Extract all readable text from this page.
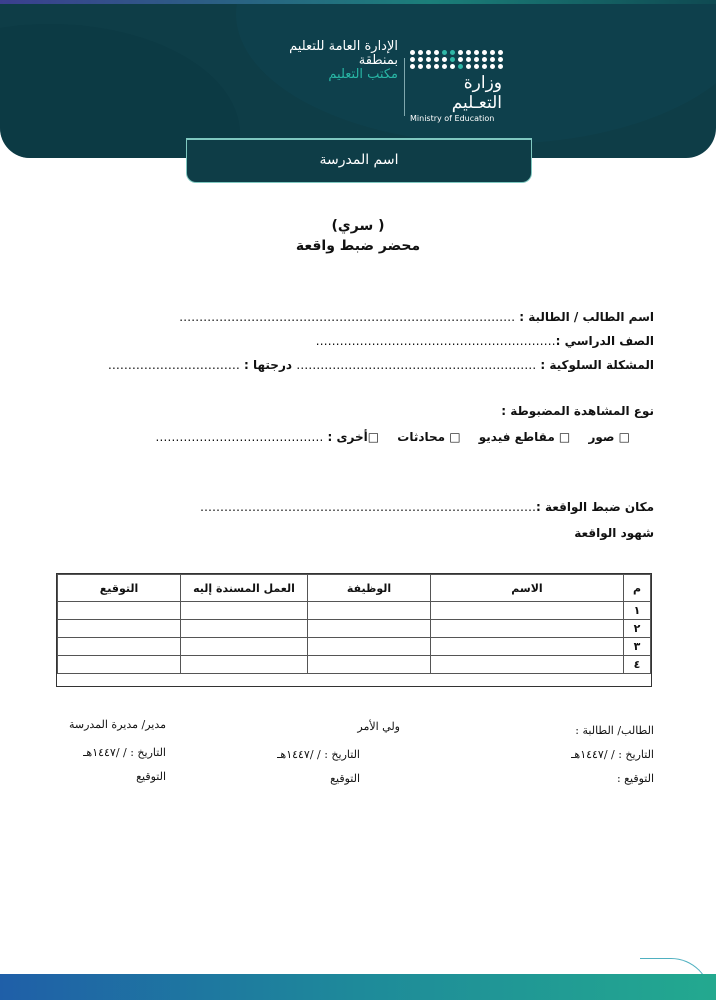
الإدارة العامة للتعليم
بمنطقة
مكتب التعليم	وزارة التعـليم
Ministry of Education
اسم المدرسة
(سري )
محضر ضبط واقعة
اسم الطالب / الطالبة : …………………………………………………………………………
الصف الدراسي :……………………………………………………
المشكلة السلوكية : …………………………………………………… درجتها : ……………………………
نوع المشاهدة المضبوطة :
□ صور □ مقاطع فيديو □ محادثات □أخرى : ……………………………………
مكان ضبط الواقعة :…………………………………………………………………………
شهود الواقعة
م	الاسم	الوظيفة	العمل المسندة إليه	التوقيع
١				
٢				
٣				
٤				
الطالب/ الطالبة :
التاريخ : / /١٤٤٧هـ
التوقيع :
ولي الأمر
التاريخ : / /١٤٤٧هـ
التوقيع
مدير/ مديرة المدرسة
التاريخ : / /١٤٤٧هـ
التوقيع
